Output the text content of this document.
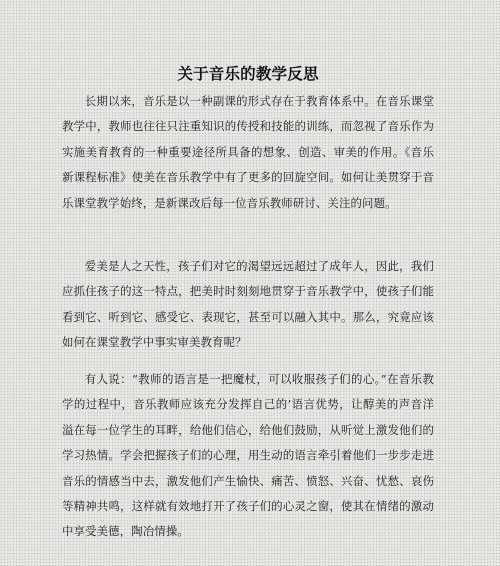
关于音乐的教学反思

长期以来，音乐是以一种副课的形式存在于教育体系中。在音乐课堂教学中，教师也往往只注重知识的传授和技能的训练，而忽视了音乐作为实施美育教育的一种重要途径所具备的想象、创造、审美的作用。《音乐新课程标准》使美在音乐教学中有了更多的回旋空间。如何让美贯穿于音乐课堂教学始终，是新课改后每一位音乐教师研讨、关注的问题。

爱美是人之天性，孩子们对它的渴望远远超过了成年人，因此，我们应抓住孩子的这一特点，把美时时刻刻地贯穿于音乐教学中，使孩子们能看到它、听到它、感受它、表现它，甚至可以融入其中。那么，究竟应该如何在课堂教学中事实审美教育呢？

有人说：“教师的语言是一把魔杖，可以收服孩子们的心。”在音乐教学的过程中，音乐教师应该充分发挥自己的’语言优势，让醇美的声音洋溢在每一位学生的耳畔，给他们信心，给他们鼓励，从听觉上激发他们的学习热情。学会把握孩子们的心理，用生动的语言牵引着他们一步步走进音乐的情感当中去，激发他们产生愉快、痛苦、愤怒、兴奋、忧愁、哀伤等精神共鸣，这样就有效地打开了孩子们的心灵之窗，使其在情绪的激动中享受美德，陶冶情操。
